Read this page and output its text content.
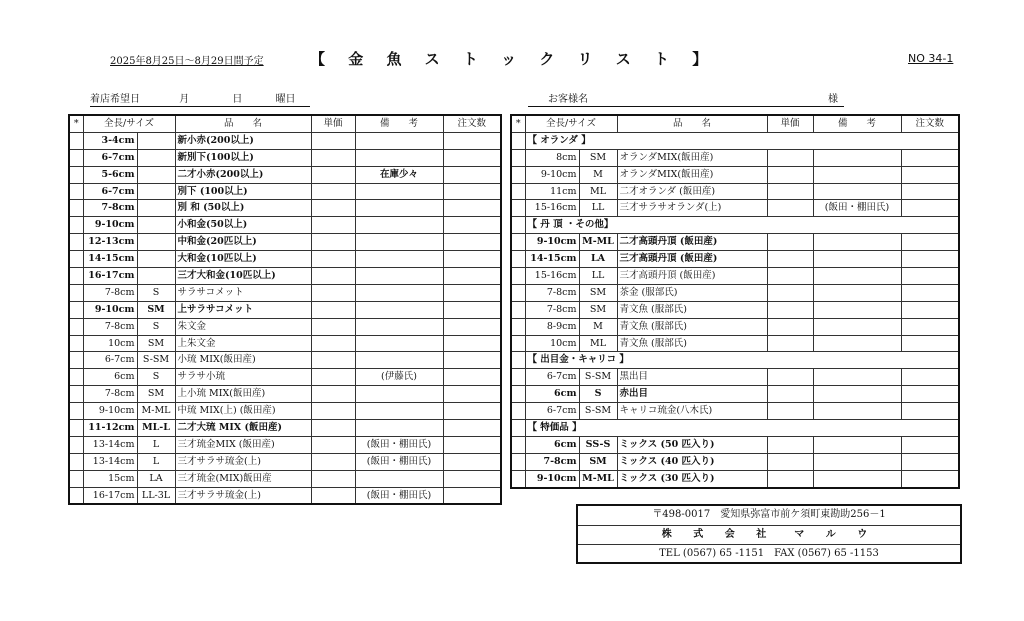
2025年8月25日～8月29日間予定	【 金 魚 ス ト ッ ク リ ス ト 】	NO 34-1
着店希望日	月	日	曜日	お客様名	様
*	全長/サイズ		品　　名	単価	備　　考	注文数
	3-4cm		新小赤(200以上)			
	6-7cm		新別下(100以上)			
	5-6cm		二才小赤(200以上)		在庫少々	
	6-7cm		別下 (100以上)			
	7-8cm		別 和 (50以上)			
	9-10cm		小和金(50以上)			
	12-13cm		中和金(20匹以上)			
	14-15cm		大和金(10匹以上)			
	16-17cm		三才大和金(10匹以上)			
	7-8cm	S	サラサコメット			
	9-10cm	SM	上サラサコメット			
	7-8cm	S	朱文金			
	10cm	SM	上朱文金			
	6-7cm	S-SM	小琉 MIX(飯田産)			
	6cm	S	サラサ小琉		(伊藤氏)	
	7-8cm	SM	上小琉 MIX(飯田産)			
	9-10cm	M-ML	中琉 MIX(上) (飯田産)			
	11-12cm	ML-L	二才大琉 MIX (飯田産)			
	13-14cm	L	三才琉金MIX (飯田産)		(飯田・棚田氏)	
	13-14cm	L	三才サラサ琉金(上)		(飯田・棚田氏)	
	15cm	LA	三才琉金(MIX)飯田産			
	16-17cm	LL-3L	三才サラサ琉金(上)		(飯田・棚田氏)	
*	全長/サイズ		品　　名	単価	備　　考	注文数
	【 オランダ 】					
	8cm	SM	オランダMIX(飯田産)			
	9-10cm	M	オランダMIX(飯田産)			
	11cm	ML	二才オランダ (飯田産)			
	15-16cm	LL	三才サラサオランダ(上)		(飯田・棚田氏)	
	【 丹 頂 ・その他】					
	9-10cm	M-ML	二才高頭丹頂 (飯田産)			
	14-15cm	LA	三才高頭丹頂 (飯田産)			
	15-16cm	LL	三才高頭丹頂 (飯田産)			
	7-8cm	SM	茶金 (服部氏)			
	7-8cm	SM	青文魚 (服部氏)			
	8-9cm	M	青文魚 (服部氏)			
	10cm	ML	青文魚 (服部氏)			
	【 出目金・キャリコ 】					
	6-7cm	S-SM	黒出目			
	6cm	S	赤出目			
	6-7cm	S-SM	キャリコ琉金(八木氏)			
	【 特価品 】					
	6cm	SS-S	ミックス (50 匹入り)			
	7-8cm	SM	ミックス (40 匹入り)			
	9-10cm	M-ML	ミックス (30 匹入り)			
〒498-0017　愛知県弥富市前ケ須町東勘助256－1
株 式 会 社　マ ル ウ
TEL (0567) 65 -1151　FAX (0567) 65 -1153
